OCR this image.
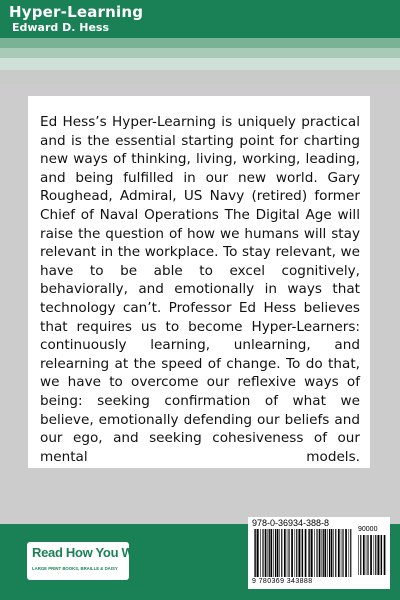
Hyper-Learning
Edward D. Hess

Ed Hess’s Hyper-Learning is uniquely practical and is the essential starting point for charting new ways of thinking, living, working, leading, and being fulfilled in our new world. Gary Roughead, Admiral, US Navy (retired) former Chief of Naval Operations The Digital Age will raise the question of how we humans will stay relevant in the workplace. To stay relevant, we have to be able to excel cognitively, behaviorally, and emotionally in ways that technology can’t. Professor Ed Hess believes that requires us to become Hyper-Learners: continuously learning, unlearning, and relearning at the speed of change. To do that, we have to overcome our reflexive ways of being: seeking confirmation of what we believe, emotionally defending our beliefs and our ego, and seeking cohesiveness of our mental models.

Read How You Want
LARGE PRINT BOOKS, BRAILLE & DAISY
978-0-36934-388-8
90000
9 780369 343888
